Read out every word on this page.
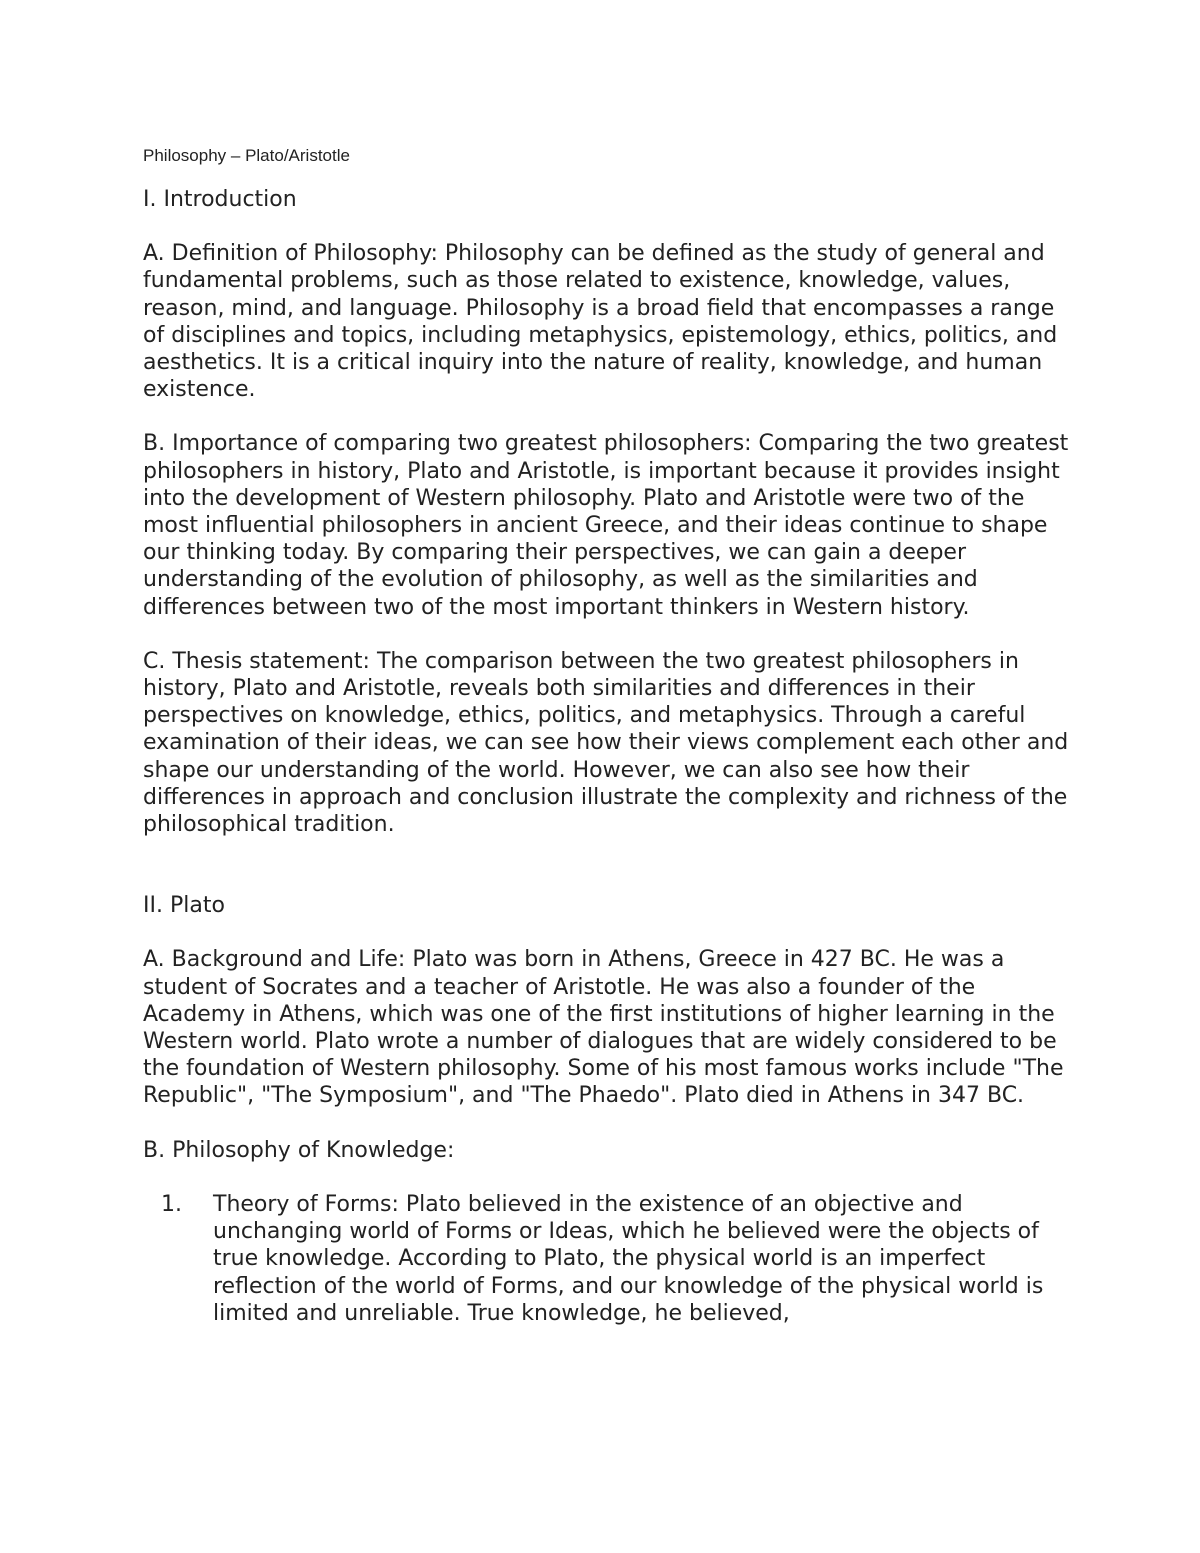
Philosophy – Plato/Aristotle
I. Introduction
A. Definition of Philosophy: Philosophy can be defined as the study of general and fundamental problems, such as those related to existence, knowledge, values, reason, mind, and language. Philosophy is a broad field that encompasses a range of disciplines and topics, including metaphysics, epistemology, ethics, politics, and aesthetics. It is a critical inquiry into the nature of reality, knowledge, and human existence.
B. Importance of comparing two greatest philosophers: Comparing the two greatest philosophers in history, Plato and Aristotle, is important because it provides insight into the development of Western philosophy. Plato and Aristotle were two of the most influential philosophers in ancient Greece, and their ideas continue to shape our thinking today. By comparing their perspectives, we can gain a deeper understanding of the evolution of philosophy, as well as the similarities and differences between two of the most important thinkers in Western history.
C. Thesis statement: The comparison between the two greatest philosophers in history, Plato and Aristotle, reveals both similarities and differences in their perspectives on knowledge, ethics, politics, and metaphysics. Through a careful examination of their ideas, we can see how their views complement each other and shape our understanding of the world. However, we can also see how their differences in approach and conclusion illustrate the complexity and richness of the philosophical tradition.
II. Plato
A. Background and Life: Plato was born in Athens, Greece in 427 BC. He was a student of Socrates and a teacher of Aristotle. He was also a founder of the Academy in Athens, which was one of the first institutions of higher learning in the Western world. Plato wrote a number of dialogues that are widely considered to be the foundation of Western philosophy. Some of his most famous works include "The Republic", "The Symposium", and "The Phaedo". Plato died in Athens in 347 BC.
B. Philosophy of Knowledge:
1. Theory of Forms: Plato believed in the existence of an objective and unchanging world of Forms or Ideas, which he believed were the objects of true knowledge. According to Plato, the physical world is an imperfect reflection of the world of Forms, and our knowledge of the physical world is limited and unreliable. True knowledge, he believed,
